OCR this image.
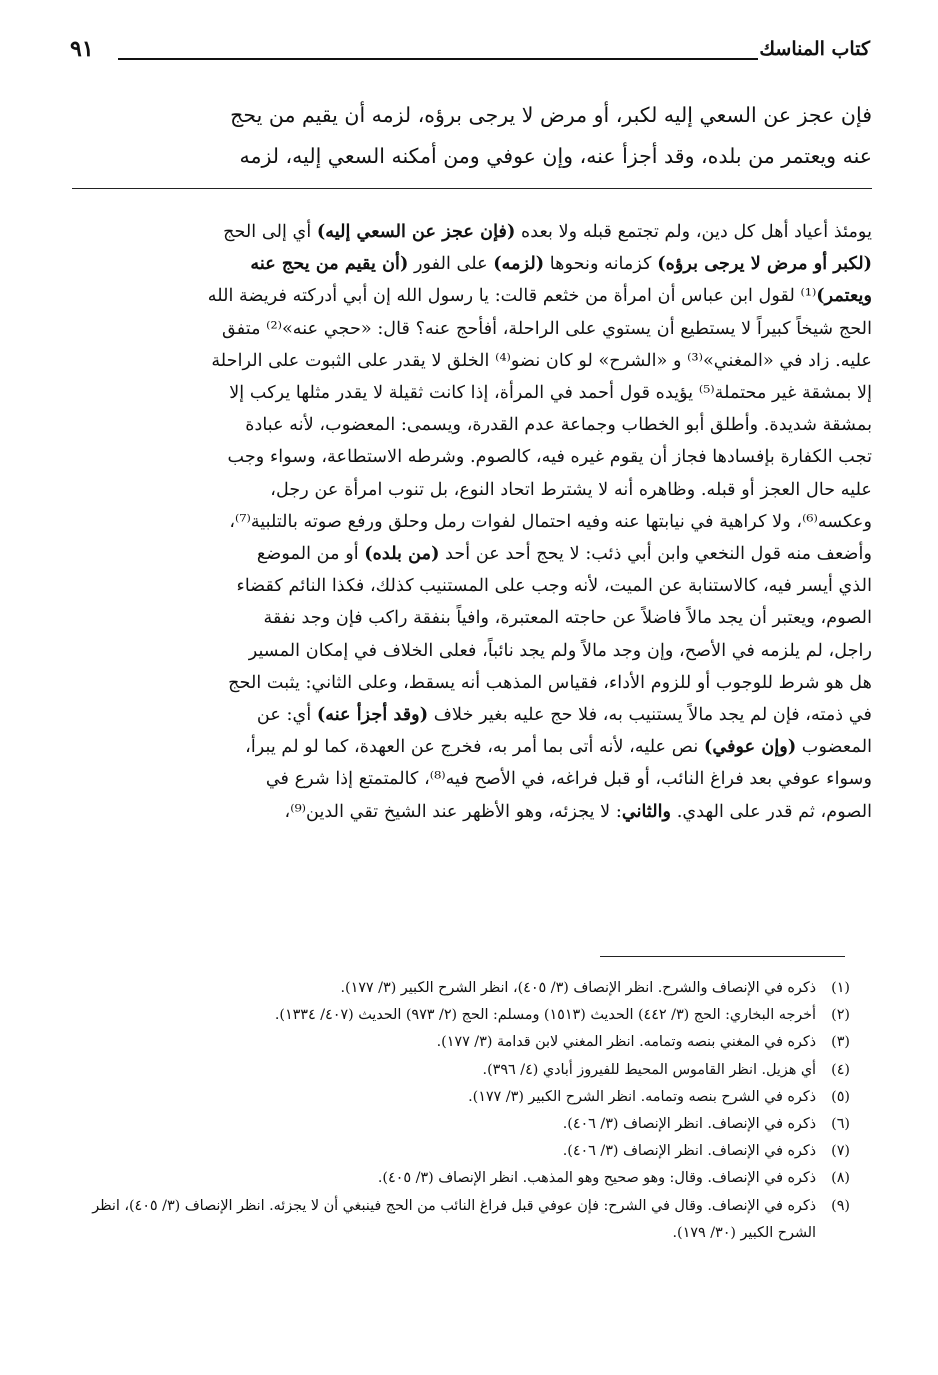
كتاب المناسك
٩١

فإن عجز عن السعي إليه لكبر، أو مرض لا يرجى برؤه، لزمه أن يقيم من يحج

عنه ويعتمر من بلده، وقد أجزأ عنه، وإن عوفي ومن أمكنه السعي إليه، لزمه

يومئذ أعياد أهل كل دين، ولم تجتمع قبله ولا بعده (فإن عجز عن السعي إليه) أي إلى الحج
(لكبر أو مرض لا يرجى برؤه) كزمانه ونحوها (لزمه) على الفور (أن يقيم من يحج عنه
ويعتمر)⁽¹⁾ لقول ابن عباس أن امرأة من خثعم قالت: يا رسول الله إن أبي أدركته فريضة الله
الحج شيخاً كبيراً لا يستطيع أن يستوي على الراحلة، أفأحج عنه؟ قال: «حجي عنه»⁽²⁾ متفق
عليه. زاد في «المغني»⁽³⁾ و «الشرح» لو كان نضو⁽⁴⁾ الخلق لا يقدر على الثبوت على الراحلة
إلا بمشقة غير محتملة⁽⁵⁾ يؤيده قول أحمد في المرأة، إذا كانت ثقيلة لا يقدر مثلها يركب إلا
بمشقة شديدة. وأطلق أبو الخطاب وجماعة عدم القدرة، ويسمى: المعضوب، لأنه عبادة
تجب الكفارة بإفسادها فجاز أن يقوم غيره فيه، كالصوم. وشرطه الاستطاعة، وسواء وجب
عليه حال العجز أو قبله. وظاهره أنه لا يشترط اتحاد النوع، بل تنوب امرأة عن رجل،
وعكسه⁽⁶⁾، ولا كراهية في نيابتها عنه وفيه احتمال لفوات رمل وحلق ورفع صوته بالتلبية⁽⁷⁾،
وأضعف منه قول النخعي وابن أبي ذئب: لا يحج أحد عن أحد (من بلده) أو من الموضع
الذي أيسر فيه، كالاستنابة عن الميت، لأنه وجب على المستنيب كذلك، فكذا النائم كقضاء
الصوم، ويعتبر أن يجد مالاً فاضلاً عن حاجته المعتبرة، وافياً بنفقة راكب فإن وجد نفقة
راجل، لم يلزمه في الأصح، وإن وجد مالاً ولم يجد نائباً، فعلى الخلاف في إمكان المسير
هل هو شرط للوجوب أو للزوم الأداء، فقياس المذهب أنه يسقط، وعلى الثاني: يثبت الحج
في ذمته، فإن لم يجد مالاً يستنيب به، فلا حج عليه بغير خلاف (وقد أجزأ عنه) أي: عن
المعضوب (وإن عوفي) نص عليه، لأنه أتى بما أمر به، فخرج عن العهدة، كما لو لم يبرأ،
وسواء عوفي بعد فراغ النائب، أو قبل فراغه، في الأصح فيه⁽⁸⁾، كالمتمتع إذا شرع في
الصوم، ثم قدر على الهدي. والثاني: لا يجزئه، وهو الأظهر عند الشيخ تقي الدين⁽⁹⁾،
(١)
ذكره في الإنصاف والشرح. انظر الإنصاف (٣/ ٤٠٥)، انظر الشرح الكبير (٣/ ١٧٧).
(٢)
أخرجه البخاري: الحج (٣/ ٤٤٢) الحديث (١٥١٣) ومسلم: الحج (٢/ ٩٧٣) الحديث (٤٠٧/ ١٣٣٤).
(٣)
ذكره في المغني بنصه وتمامه. انظر المغني لابن قدامة (٣/ ١٧٧).
(٤)
أي هزيل. انظر القاموس المحيط للفيروز أبادي (٤/ ٣٩٦).
(٥)
ذكره في الشرح بنصه وتمامه. انظر الشرح الكبير (٣/ ١٧٧).
(٦)
ذكره في الإنصاف. انظر الإنصاف (٣/ ٤٠٦).
(٧)
ذكره في الإنصاف. انظر الإنصاف (٣/ ٤٠٦).
(٨)
ذكره في الإنصاف. وقال: وهو صحيح وهو المذهب. انظر الإنصاف (٣/ ٤٠٥).
(٩)
ذكره في الإنصاف. وقال في الشرح: فإن عوفي قبل فراغ النائب من الحج فينبغي أن لا يجزئه. انظر الإنصاف (٣/ ٤٠٥)، انظر الشرح الكبير (٣٠/ ١٧٩).
